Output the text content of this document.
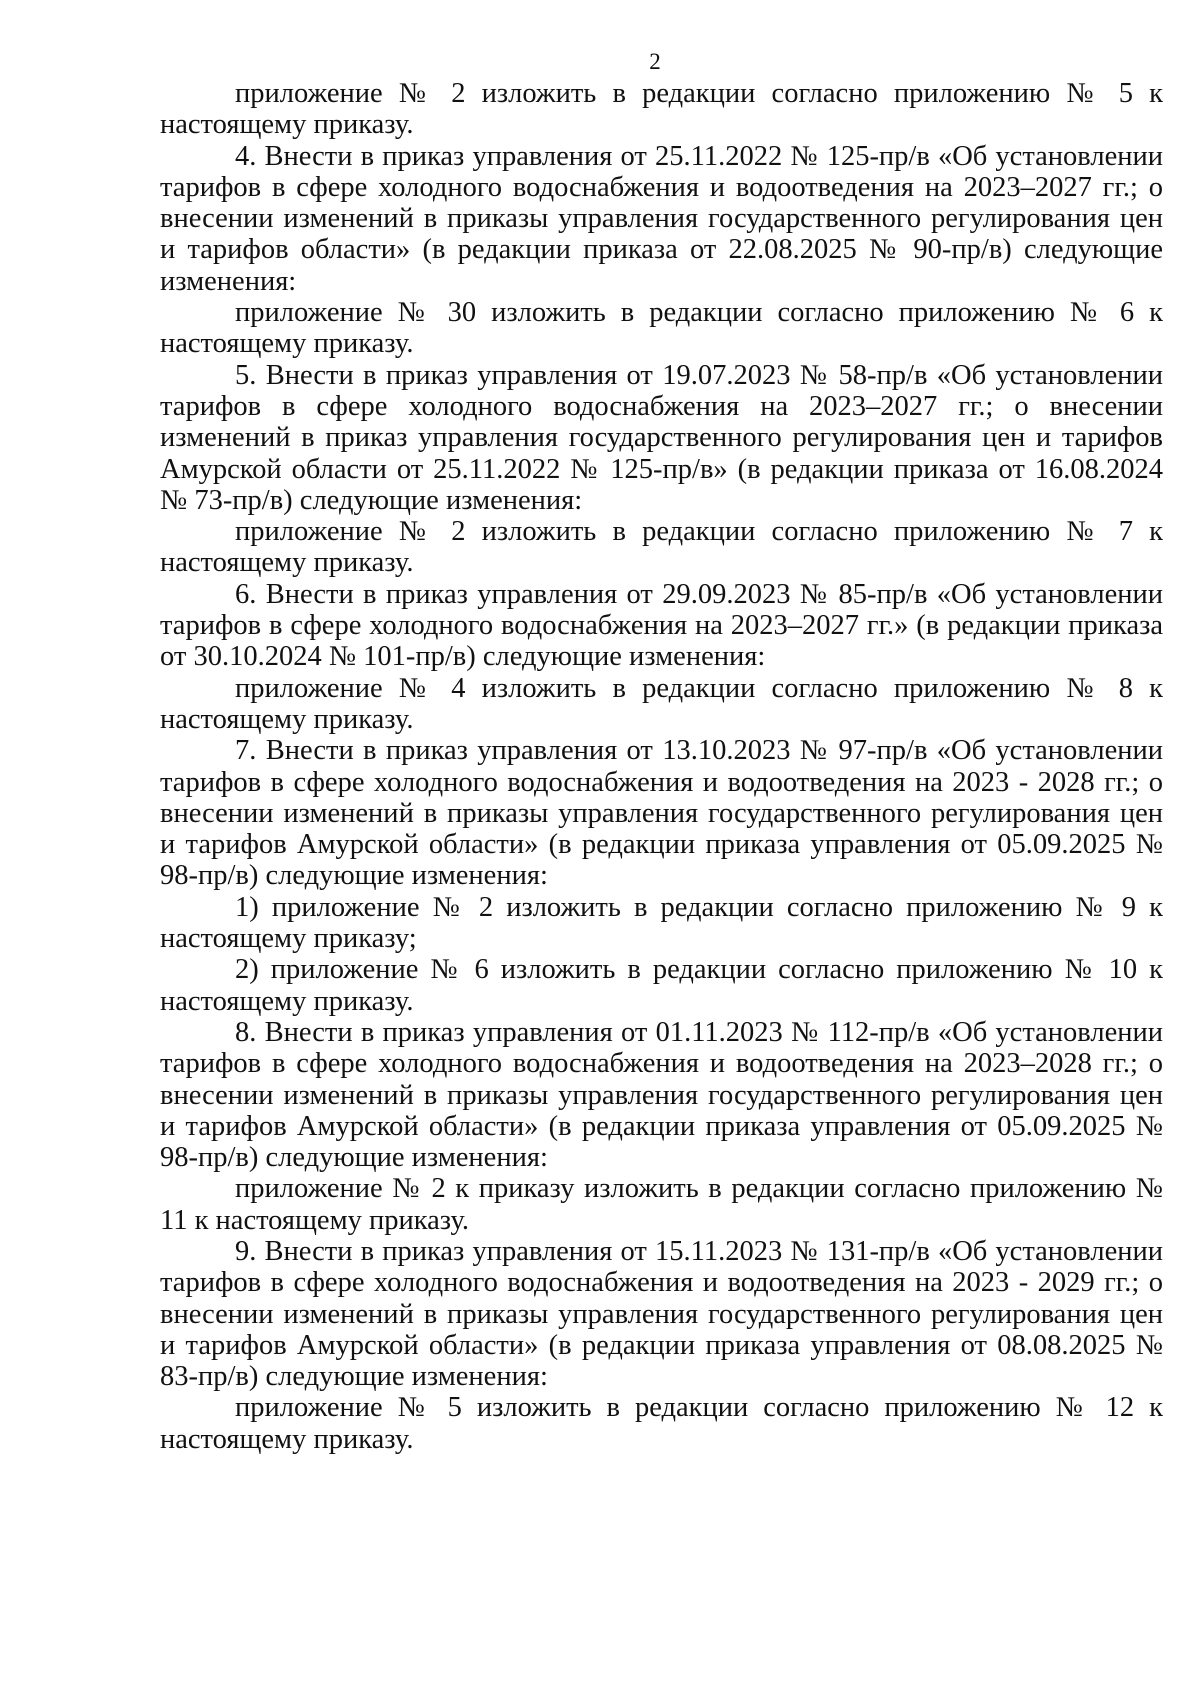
2

приложение № 2 изложить в редакции согласно приложению № 5 к настоящему приказу.

4. Внести в приказ управления от 25.11.2022 № 125-пр/в «Об установлении тарифов в сфере холодного водоснабжения и водоотведения на 2023–2027 гг.; о внесении изменений в приказы управления государственного регулирования цен и тарифов области» (в редакции приказа от 22.08.2025 № 90-пр/в) следующие изменения:

приложение № 30 изложить в редакции согласно приложению № 6 к настоящему приказу.

5. Внести в приказ управления от 19.07.2023 № 58-пр/в «Об установлении тарифов в сфере холодного водоснабжения на 2023–2027 гг.; о внесении изменений в приказ управления государственного регулирования цен и тарифов Амурской области от 25.11.2022 № 125-пр/в» (в редакции приказа от 16.08.2024 № 73-пр/в) следующие изменения:

приложение № 2 изложить в редакции согласно приложению № 7 к настоящему приказу.

6. Внести в приказ управления от 29.09.2023 № 85-пр/в «Об установлении тарифов в сфере холодного водоснабжения на 2023–2027 гг.» (в редакции приказа от 30.10.2024 № 101-пр/в) следующие изменения:

приложение № 4 изложить в редакции согласно приложению № 8 к настоящему приказу.

7. Внести в приказ управления от 13.10.2023 № 97-пр/в «Об установлении тарифов в сфере холодного водоснабжения и водоотведения на 2023 - 2028 гг.; о внесении изменений в приказы управления государственного регулирования цен и тарифов Амурской области» (в редакции приказа управления от 05.09.2025 № 98-пр/в) следующие изменения:

1) приложение № 2 изложить в редакции согласно приложению № 9 к настоящему приказу;

2) приложение № 6 изложить в редакции согласно приложению № 10 к настоящему приказу.

8. Внести в приказ управления от 01.11.2023 № 112-пр/в «Об установлении тарифов в сфере холодного водоснабжения и водоотведения на 2023–2028 гг.; о внесении изменений в приказы управления государственного регулирования цен и тарифов Амурской области» (в редакции приказа управления от 05.09.2025 № 98-пр/в) следующие изменения:

приложение № 2 к приказу изложить в редакции согласно приложению № 11 к настоящему приказу.

9. Внести в приказ управления от 15.11.2023 № 131-пр/в «Об установлении тарифов в сфере холодного водоснабжения и водоотведения на 2023 - 2029 гг.; о внесении изменений в приказы управления государственного регулирования цен и тарифов Амурской области» (в редакции приказа управления от 08.08.2025 № 83-пр/в) следующие изменения:

приложение № 5 изложить в редакции согласно приложению № 12 к настоящему приказу.
